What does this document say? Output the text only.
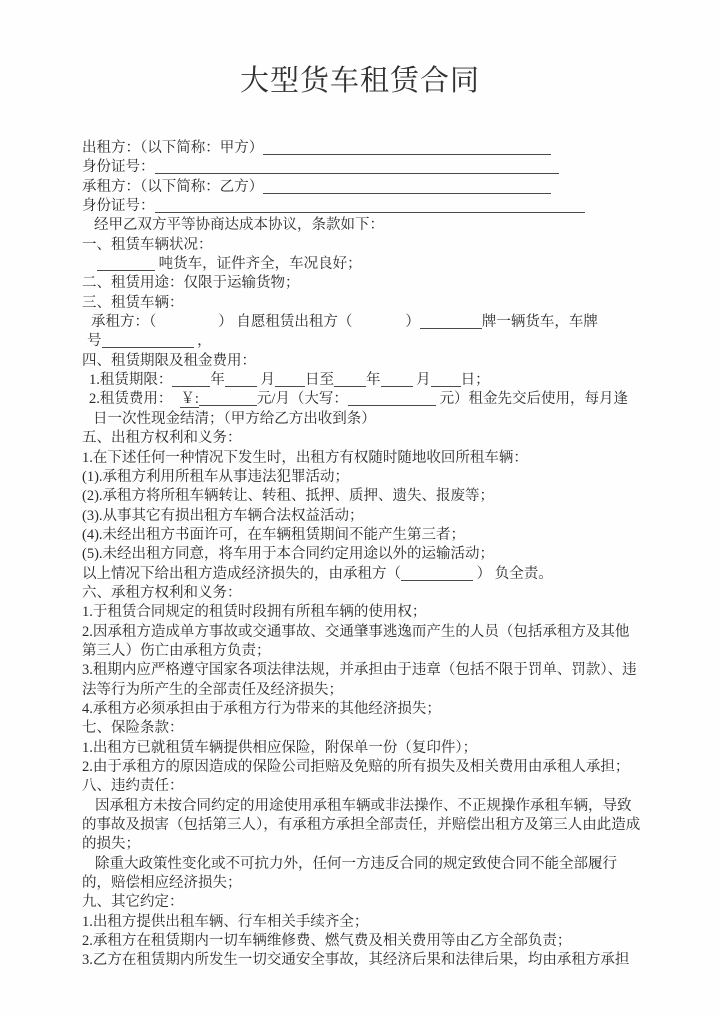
大型货车租赁合同
出租方：（以下简称：甲方）
身份证号：
承租方：（以下简称：乙方）
身份证号：
经甲乙双方平等协商达成本协议，条款如下：
一、租赁车辆状况：
吨货车，证件齐全，车况良好；
二、租赁用途：仅限于运输货物；
三、租赁车辆：
承租方：（	） 自愿租赁出租方（	）	牌一辆货车，车牌
号	，
四、租赁期限及租金费用：
1.租赁期限：	年 月 日至 年 月 日；
2.租赁费用： ￥:	元/月（大写：	元）租金先交后使用，每月逢
日一次性现金结清；（甲方给乙方出收到条）
五、出租方权利和义务：
1.在下述任何一种情况下发生时，出租方有权随时随地收回所租车辆：
(1).承租方利用所租车从事违法犯罪活动；
(2).承租方将所租车辆转让、转租、抵押、质押、遗失、报废等；
(3).从事其它有损出租方车辆合法权益活动；
(4).未经出租方书面许可，在车辆租赁期间不能产生第三者；
(5).未经出租方同意，将车用于本合同约定用途以外的运输活动；
以上情况下给出租方造成经济损失的，由承租方（	） 负全责。
六、承租方权利和义务：
1.于租赁合同规定的租赁时段拥有所租车辆的使用权；
2.因承租方造成单方事故或交通事故、交通肇事逃逸而产生的人员（包括承租方及其他
第三人）伤亡由承租方负责；
3.租期内应严格遵守国家各项法律法规，并承担由于违章（包括不限于罚单、罚款）、违
法等行为所产生的全部责任及经济损失；
4.承租方必须承担由于承租方行为带来的其他经济损失；
七、保险条款：
1.出租方已就租赁车辆提供相应保险，附保单一份（复印件）；
2.由于承租方的原因造成的保险公司拒赔及免赔的所有损失及相关费用由承租人承担；
八、违约责任：
因承租方未按合同约定的用途使用承租车辆或非法操作、不正规操作承租车辆，导致
的事故及损害（包括第三人），有承租方承担全部责任，并赔偿出租方及第三人由此造成
的损失；
除重大政策性变化或不可抗力外，任何一方违反合同的规定致使合同不能全部履行
的，赔偿相应经济损失；
九、其它约定：
1.出租方提供出租车辆、行车相关手续齐全；
2.承租方在租赁期内一切车辆维修费、燃气费及相关费用等由乙方全部负责；
3.乙方在租赁期内所发生一切交通安全事故，其经济后果和法律后果，均由承租方承担
